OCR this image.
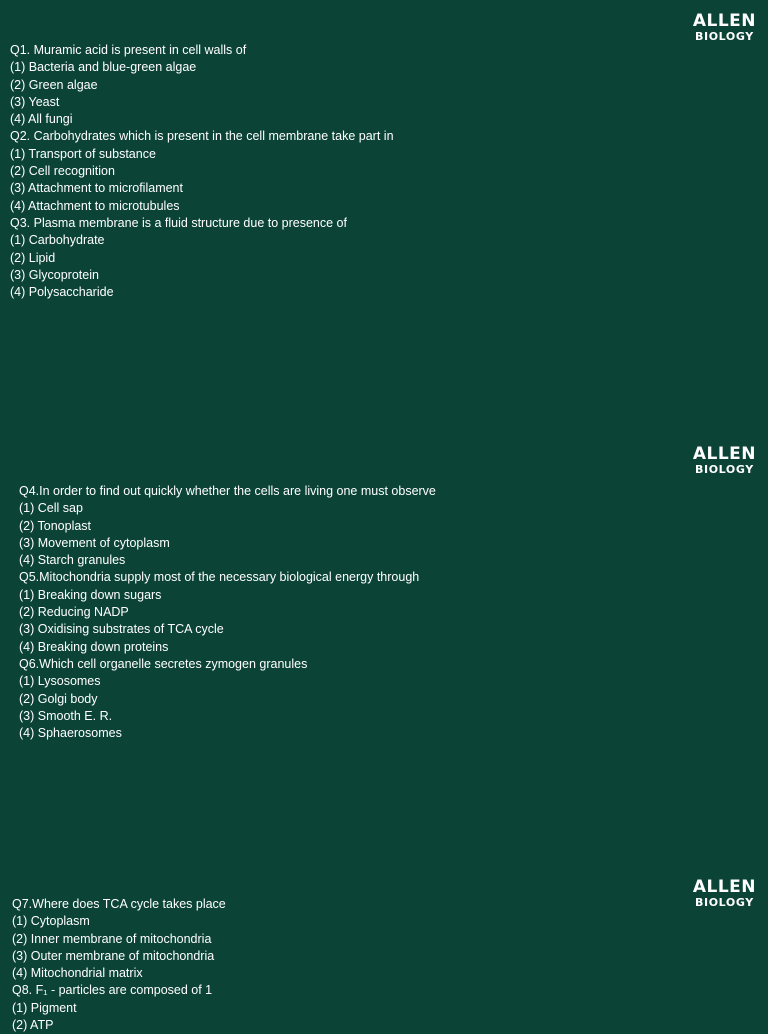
ALLEN
BIOLOGY
Q1. Muramic acid is present in cell walls of
(1) Bacteria and blue-green algae
(2) Green algae
(3) Yeast
(4) All fungi
Q2. Carbohydrates which is present in the cell membrane take part in
(1) Transport of substance
(2) Cell recognition
(3) Attachment to microfilament
(4) Attachment to microtubules
Q3. Plasma membrane is a fluid structure due to presence of
(1) Carbohydrate
(2) Lipid
(3) Glycoprotein
(4) Polysaccharide
ALLEN
BIOLOGY
Q4.In order to find out quickly whether the cells are living one must observe
(1) Cell sap
(2) Tonoplast
(3) Movement of cytoplasm
(4) Starch granules
Q5.Mitochondria supply most of the necessary biological energy through
(1) Breaking down sugars
(2) Reducing NADP
(3) Oxidising substrates of TCA cycle
(4) Breaking down proteins
Q6.Which cell organelle secretes zymogen granules
(1) Lysosomes
(2) Golgi body
(3) Smooth E. R.
(4) Sphaerosomes
ALLEN
BIOLOGY
Q7.Where does TCA cycle takes place
(1) Cytoplasm
(2) Inner membrane of mitochondria
(3) Outer membrane of mitochondria
(4) Mitochondrial matrix
Q8. F₁ - particles are composed of 1
(1) Pigment
(2) ATP
